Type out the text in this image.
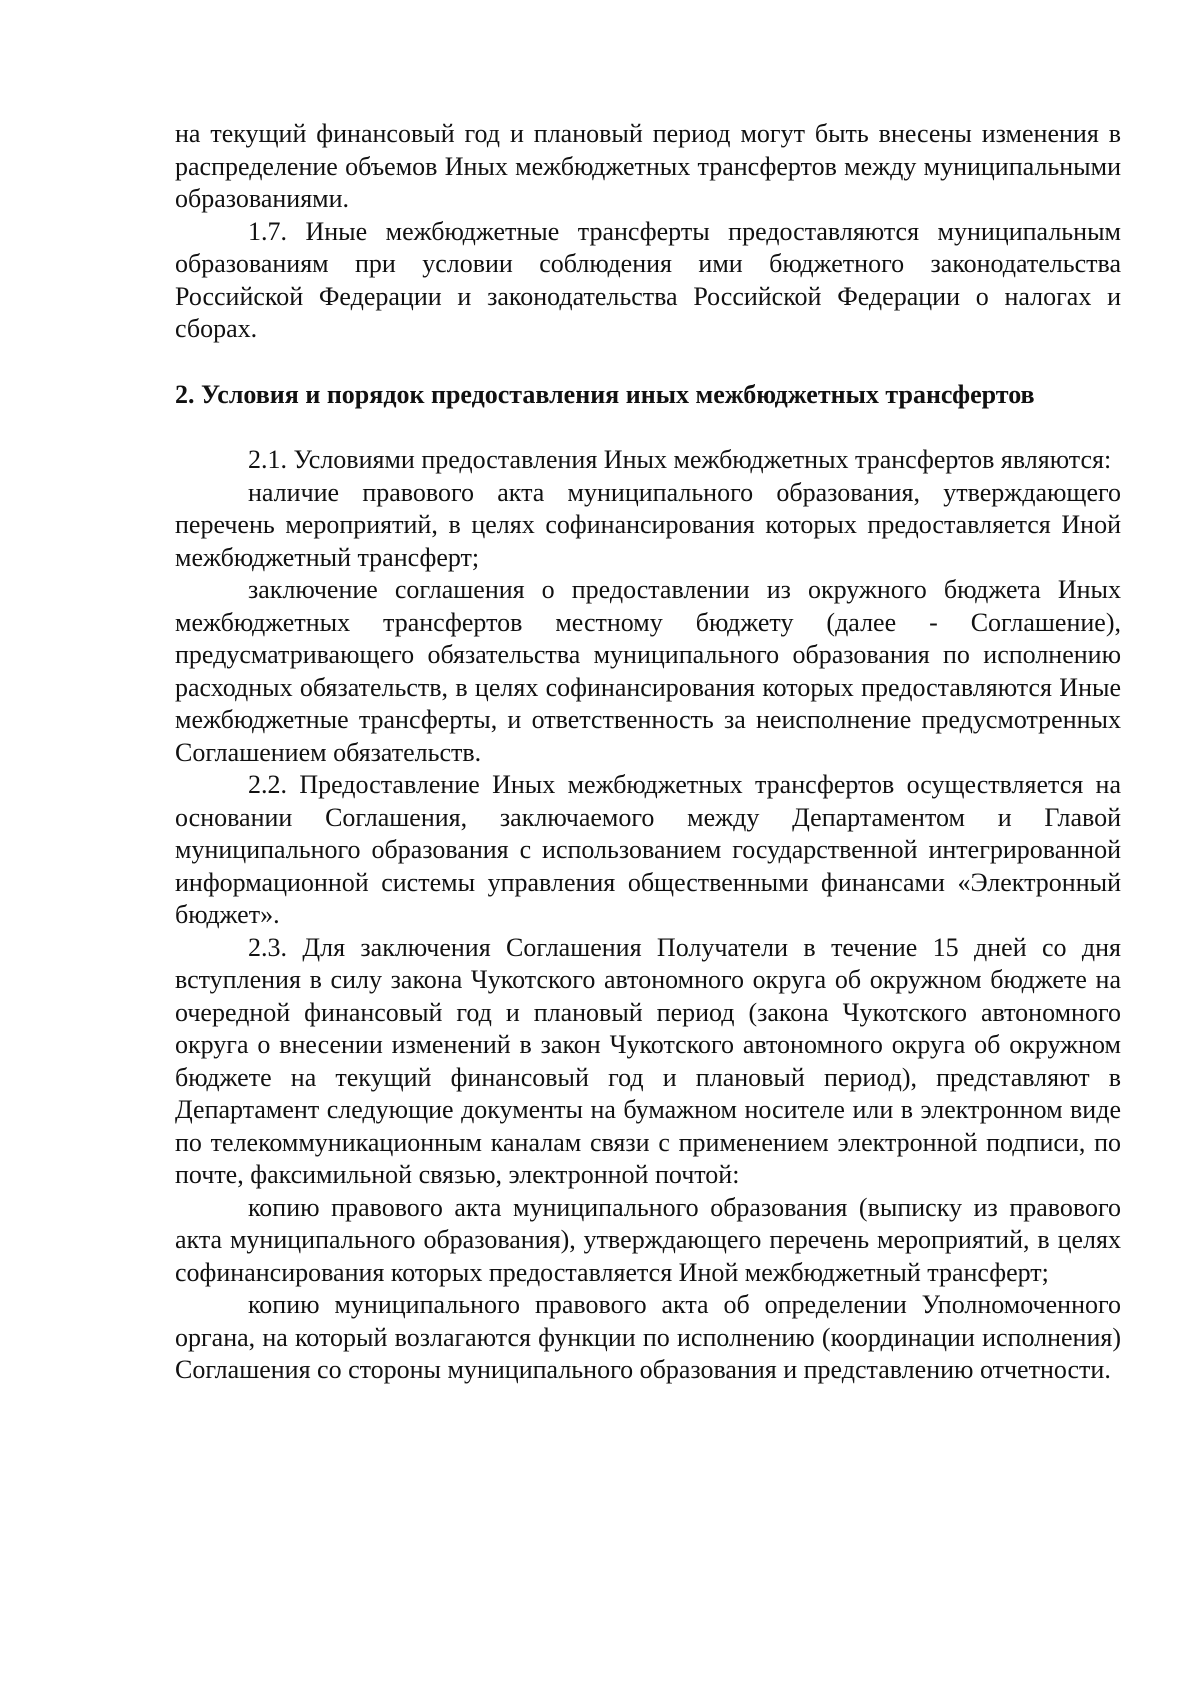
на текущий финансовый год и плановый период могут быть внесены изменения в распределение объемов Иных межбюджетных трансфертов между муниципальными образованиями.

1.7. Иные межбюджетные трансферты предоставляются муниципальным образованиям при условии соблюдения ими бюджетного законодательства Российской Федерации и законодательства Российской Федерации о налогах и сборах.

2. Условия и порядок предоставления иных межбюджетных трансфертов

2.1. Условиями предоставления Иных межбюджетных трансфертов являются:

наличие правового акта муниципального образования, утверждающего перечень мероприятий, в целях софинансирования которых предоставляется Иной межбюджетный трансферт;

заключение соглашения о предоставлении из окружного бюджета Иных межбюджетных трансфертов местному бюджету (далее - Соглашение), предусматривающего обязательства муниципального образования по исполнению расходных обязательств, в целях софинансирования которых предоставляются Иные межбюджетные трансферты, и ответственность за неисполнение предусмотренных Соглашением обязательств.

2.2. Предоставление Иных межбюджетных трансфертов осуществляется на основании Соглашения, заключаемого между Департаментом и Главой муниципального образования с использованием государственной интегрированной информационной системы управления общественными финансами «Электронный бюджет».

2.3. Для заключения Соглашения Получатели в течение 15 дней со дня вступления в силу закона Чукотского автономного округа об окружном бюджете на очередной финансовый год и плановый период (закона Чукотского автономного округа о внесении изменений в закон Чукотского автономного округа об окружном бюджете на текущий финансовый год и плановый период), представляют в Департамент следующие документы на бумажном носителе или в электронном виде по телекоммуникационным каналам связи с применением электронной подписи, по почте, факсимильной связью, электронной почтой:

копию правового акта муниципального образования (выписку из правового акта муниципального образования), утверждающего перечень мероприятий, в целях софинансирования которых предоставляется Иной межбюджетный трансферт;

копию муниципального правового акта об определении Уполномоченного органа, на который возлагаются функции по исполнению (координации исполнения) Соглашения со стороны муниципального образования и представлению отчетности.
